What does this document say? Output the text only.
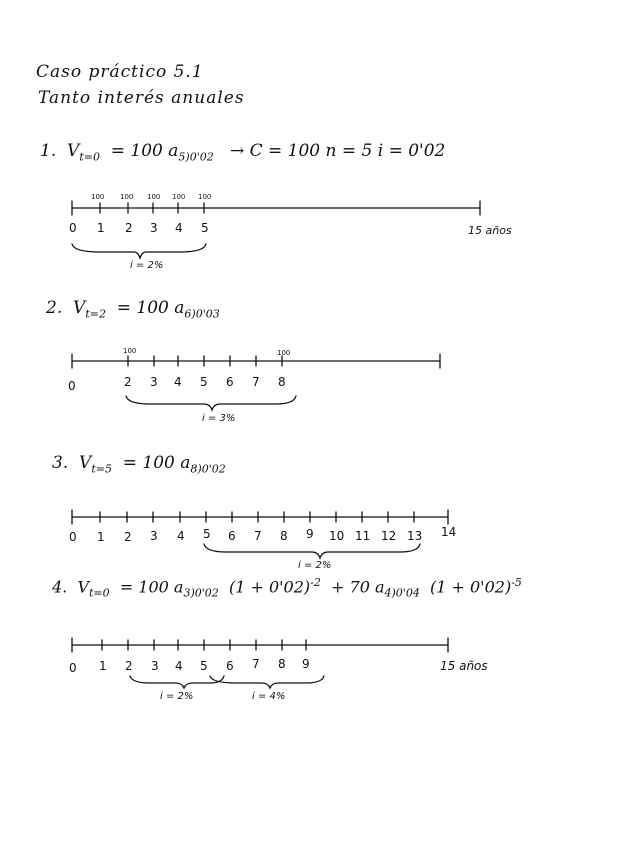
Caso práctico 5.1
Tanto interés anuales
1. $V_{t=0} = 100$ $a_{5)0'02} \to C = 100$ n = 5 i = 0'02
2. $V_{t=2} = 100$ $a_{6)0'03}$
3. $V_{t=5} = 100$ $a_{8)0'02}$
4. $V_{t=0} = 100$ $a_{3)0'02}$ $(1 + 0'02)^{-2} + 70$ $a_{4)0'04}$ $(1 + 0'02)^{-5}$
0 1 2 3 4 5	15 años
100 100 100 100 100
i = 2%
0	2 3 4 5 6 7 8
100	100
i = 3%
0 1 2 3 4 5 6 7 8 9 10 11 12 13 14
i = 2%
0 1 2 3 4 5 6 7 8 9	15 años
i = 2%	i = 4%
